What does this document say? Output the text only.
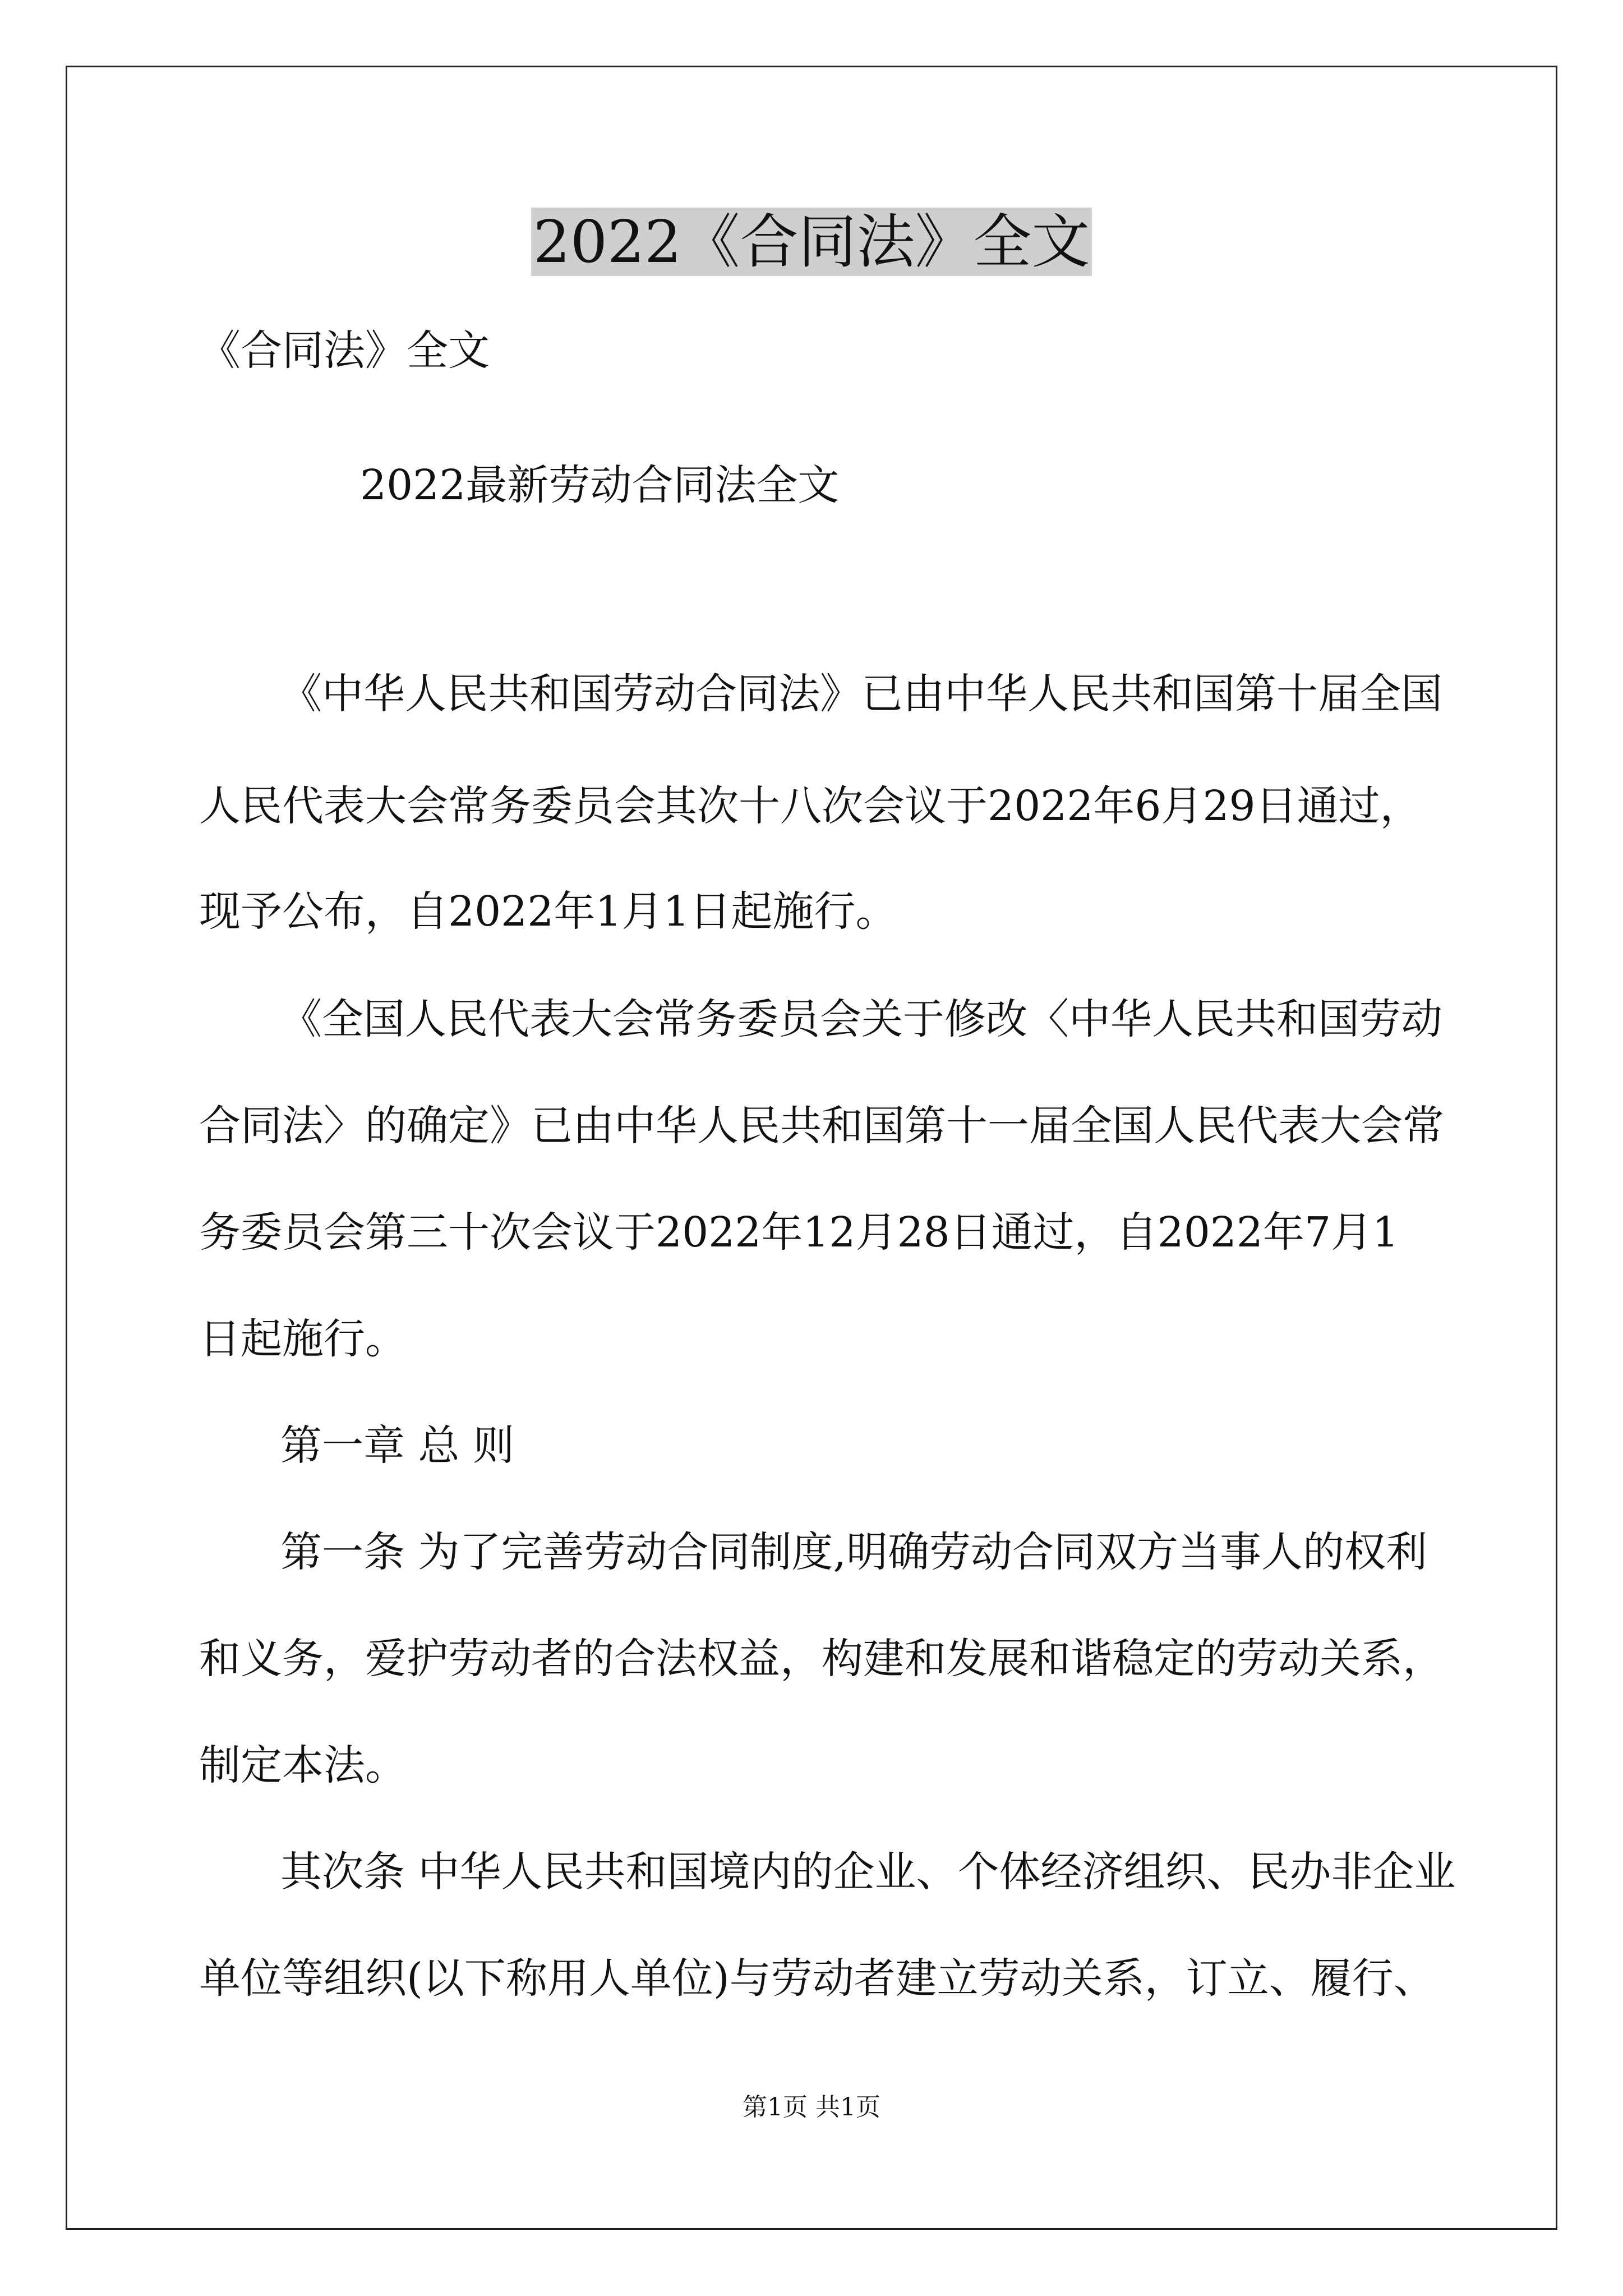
2022《合同法》全文

《合同法》全文

2022最新劳动合同法全文

《中华人民共和国劳动合同法》已由中华人民共和国第十届全国

人民代表大会常务委员会其次十八次会议于2022年6月29日通过，

现予公布，自2022年1月1日起施行。

《全国人民代表大会常务委员会关于修改〈中华人民共和国劳动

合同法〉的确定》已由中华人民共和国第十一届全国人民代表大会常

务委员会第三十次会议于2022年12月28日通过，自2022年7月1

日起施行。

第一章 总 则

第一条 为了完善劳动合同制度,明确劳动合同双方当事人的权利

和义务，爱护劳动者的合法权益，构建和发展和谐稳定的劳动关系，

制定本法。

其次条 中华人民共和国境内的企业、个体经济组织、民办非企业

单位等组织(以下称用人单位)与劳动者建立劳动关系，订立、履行、

第1页 共1页
